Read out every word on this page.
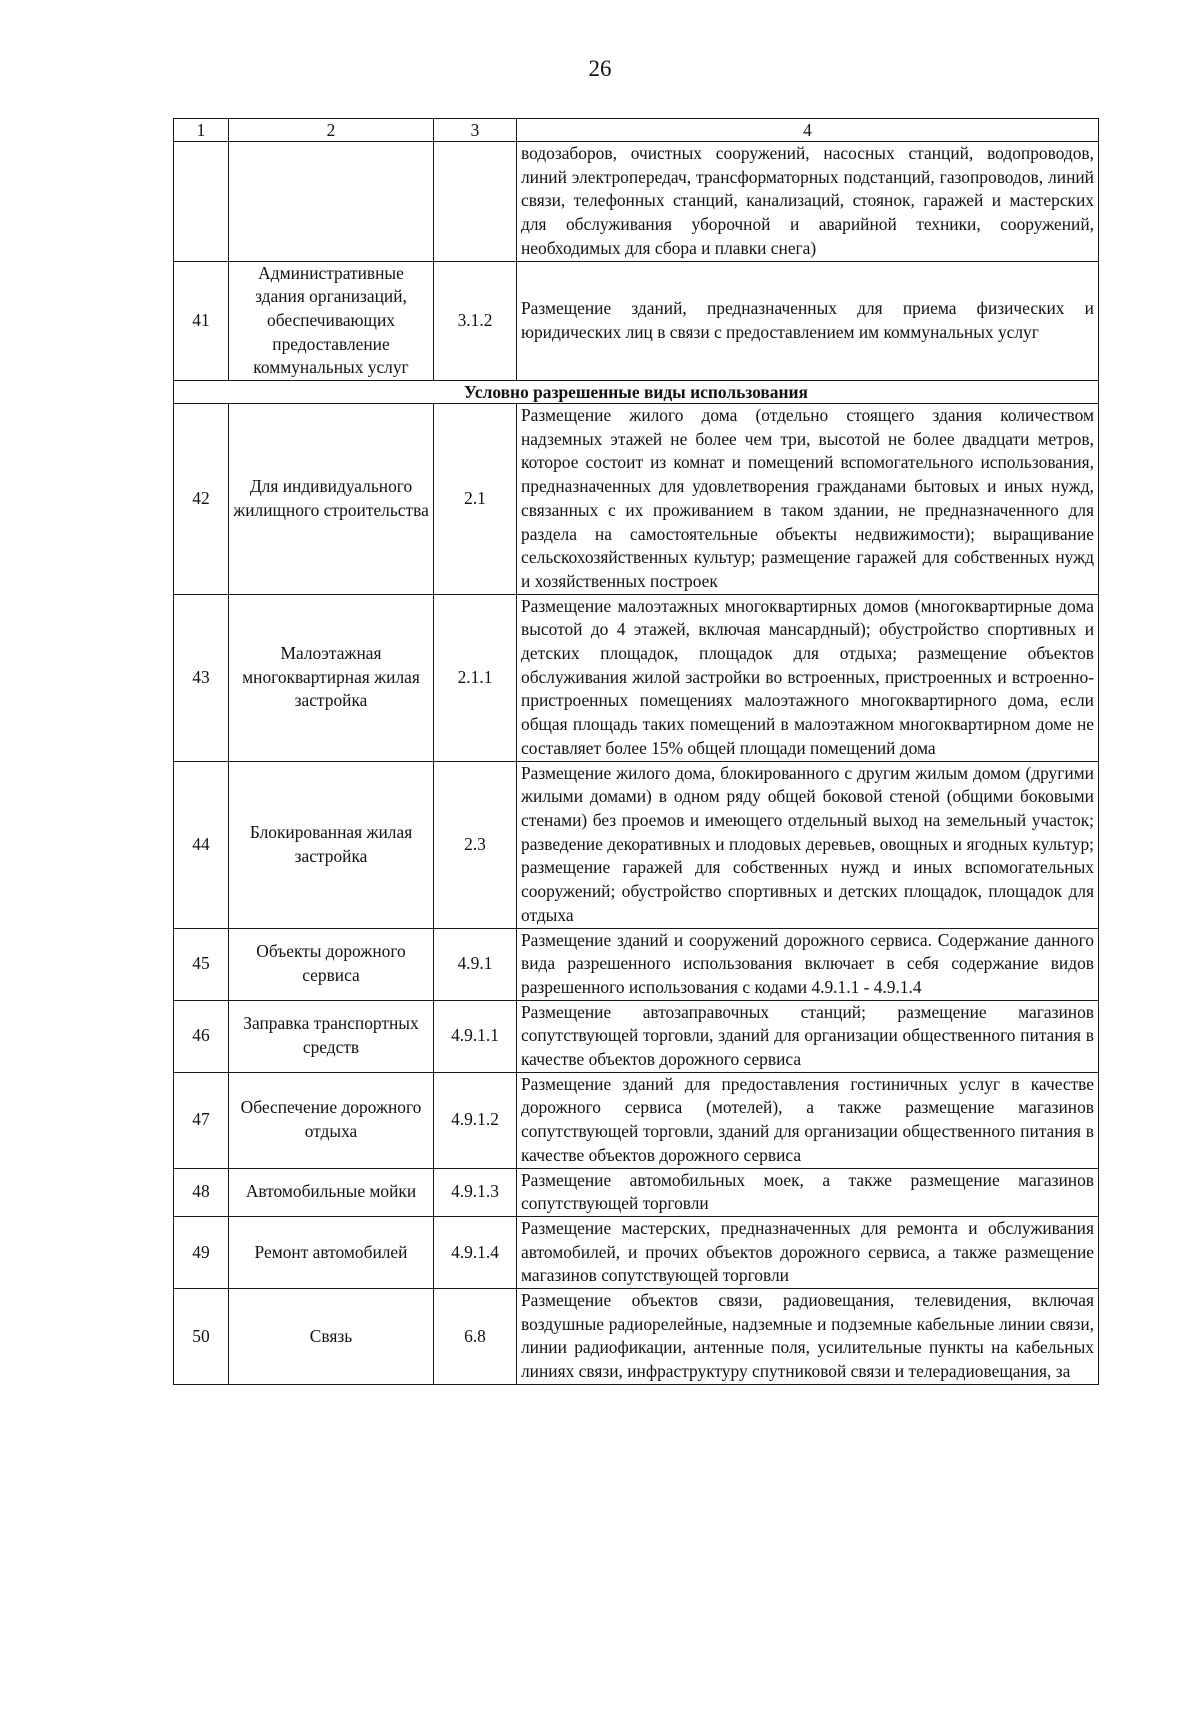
26
1	2	3	4
			водозаборов, очистных сооружений, насосных станций, водопроводов, линий электропередач, трансформаторных подстанций, газопроводов, линий связи, телефонных станций, канализаций, стоянок, гаражей и мастерских для обслуживания уборочной и аварийной техники, сооружений, необходимых для сбора и плавки снега)
41	Административные здания организаций, обеспечивающих предоставление коммунальных услуг	3.1.2	Размещение зданий, предназначенных для приема физических и юридических лиц в связи с предоставлением им коммунальных услуг
Условно разрешенные виды использования			
42	Для индивидуального жилищного строительства	2.1	Размещение жилого дома (отдельно стоящего здания количеством надземных этажей не более чем три, высотой не более двадцати метров, которое состоит из комнат и помещений вспомогательного использования, предназначенных для удовлетворения гражданами бытовых и иных нужд, связанных с их проживанием в таком здании, не предназначенного для раздела на самостоятельные объекты недвижимости); выращивание сельскохозяйственных культур; размещение гаражей для собственных нужд и хозяйственных построек
43	Малоэтажная многоквартирная жилая застройка	2.1.1	Размещение малоэтажных многоквартирных домов (многоквартирные дома высотой до 4 этажей, включая мансардный); обустройство спортивных и детских площадок, площадок для отдыха; размещение объектов обслуживания жилой застройки во встроенных, пристроенных и встроенно-пристроенных помещениях малоэтажного многоквартирного дома, если общая площадь таких помещений в малоэтажном многоквартирном доме не составляет более 15% общей площади помещений дома
44	Блокированная жилая застройка	2.3	Размещение жилого дома, блокированного с другим жилым домом (другими жилыми домами) в одном ряду общей боковой стеной (общими боковыми стенами) без проемов и имеющего отдельный выход на земельный участок; разведение декоративных и плодовых деревьев, овощных и ягодных культур; размещение гаражей для собственных нужд и иных вспомогательных сооружений; обустройство спортивных и детских площадок, площадок для отдыха
45	Объекты дорожного сервиса	4.9.1	Размещение зданий и сооружений дорожного сервиса. Содержание данного вида разрешенного использования включает в себя содержание видов разрешенного использования с кодами 4.9.1.1 - 4.9.1.4
46	Заправка транспортных средств	4.9.1.1	Размещение автозаправочных станций; размещение магазинов сопутствующей торговли, зданий для организации общественного питания в качестве объектов дорожного сервиса
47	Обеспечение дорожного отдыха	4.9.1.2	Размещение зданий для предоставления гостиничных услуг в качестве дорожного сервиса (мотелей), а также размещение магазинов сопутствующей торговли, зданий для организации общественного питания в качестве объектов дорожного сервиса
48	Автомобильные мойки	4.9.1.3	Размещение автомобильных моек, а также размещение магазинов сопутствующей торговли
49	Ремонт автомобилей	4.9.1.4	Размещение мастерских, предназначенных для ремонта и обслуживания автомобилей, и прочих объектов дорожного сервиса, а также размещение магазинов сопутствующей торговли
50	Связь	6.8	Размещение объектов связи, радиовещания, телевидения, включая воздушные радиорелейные, надземные и подземные кабельные линии связи, линии радиофикации, антенные поля, усилительные пункты на кабельных линиях связи, инфраструктуру спутниковой связи и телерадиовещания, за
